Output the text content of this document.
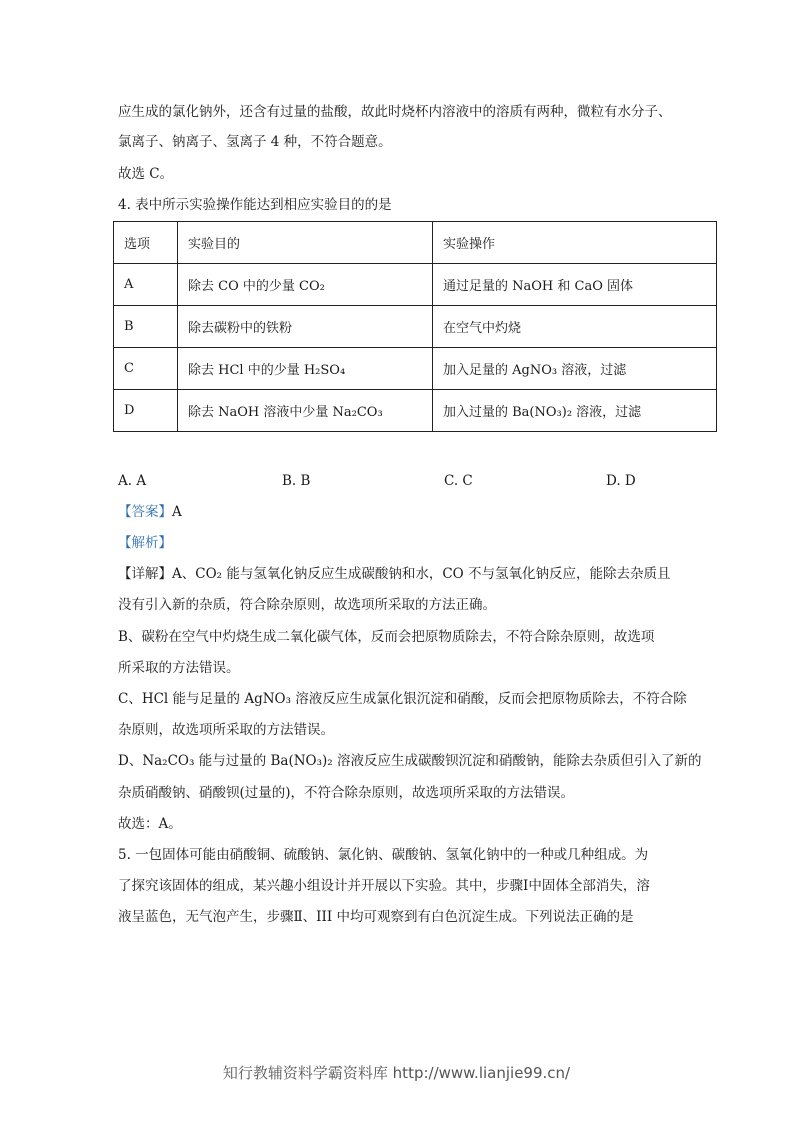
应生成的氯化钠外，还含有过量的盐酸，故此时烧杯内溶液中的溶质有两种，微粒有水分子、
氯离子、钠离子、氢离子 4 种，不符合题意。
故选 C。
4. 表中所示实验操作能达到相应实验目的的是
选项	实验目的	实验操作
A	除去 CO 中的少量 CO₂	通过足量的 NaOH 和 CaO 固体
B	除去碳粉中的铁粉	在空气中灼烧
C	除去 HCl 中的少量 H₂SO₄	加入足量的 AgNO₃ 溶液，过滤
D	除去 NaOH 溶液中少量 Na₂CO₃	加入过量的 Ba(NO₃)₂ 溶液，过滤
A. A	B. B	C. C	D. D
【答案】A
【解析】
【详解】A、CO₂ 能与氢氧化钠反应生成碳酸钠和水，CO 不与氢氧化钠反应，能除去杂质且
没有引入新的杂质，符合除杂原则，故选项所采取的方法正确。
B、碳粉在空气中灼烧生成二氧化碳气体，反而会把原物质除去，不符合除杂原则，故选项
所采取的方法错误。
C、HCl 能与足量的 AgNO₃ 溶液反应生成氯化银沉淀和硝酸，反而会把原物质除去，不符合除
杂原则，故选项所采取的方法错误。
D、Na₂CO₃ 能与过量的 Ba(NO₃)₂ 溶液反应生成碳酸钡沉淀和硝酸钠，能除去杂质但引入了新的
杂质硝酸钠、硝酸钡(过量的)，不符合除杂原则，故选项所采取的方法错误。
故选：A。
5. 一包固体可能由硝酸铜、硫酸钠、氯化钠、碳酸钠、氢氧化钠中的一种或几种组成。为
了探究该固体的组成，某兴趣小组设计并开展以下实验。其中，步骤Ⅰ中固体全部消失，溶
液呈蓝色，无气泡产生，步骤Ⅱ、III 中均可观察到有白色沉淀生成。下列说法正确的是
知行教辅资料学霸资料库 http://www.lianjie99.cn/
